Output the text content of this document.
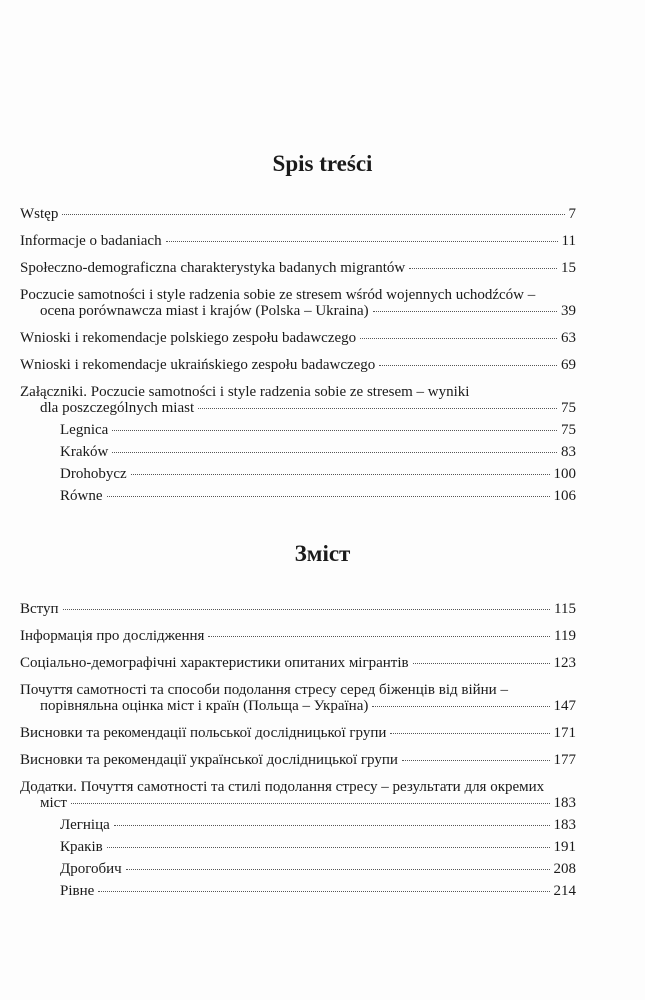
Spis treści
Wstęp	7
Informacje o badaniach	11
Społeczno-demograficzna charakterystyka badanych migrantów	15
Poczucie samotności i style radzenia sobie ze stresem wśród wojennych uchodźców –
ocena porównawcza miast i krajów (Polska – Ukraina)	39
Wnioski i rekomendacje polskiego zespołu badawczego	63
Wnioski i rekomendacje ukraińskiego zespołu badawczego	69
Załączniki. Poczucie samotności i style radzenia sobie ze stresem – wyniki
dla poszczególnych miast	75
Legnica	75
Kraków	83
Drohobycz	100
Równe	106
Зміст
Вступ	115
Інформація про дослідження	119
Соціально-демографічні характеристики опитаних мігрантів	123
Почуття самотності та способи подолання стресу серед біженців від війни –
порівняльна оцінка міст і країн (Польща – Україна)	147
Висновки та рекомендації польської дослідницької групи	171
Висновки та рекомендації української дослідницької групи	177
Додатки. Почуття самотності та стилі подолання стресу – результати для окремих
міст	183
Легніца	183
Краків	191
Дрогобич	208
Рівне	214
